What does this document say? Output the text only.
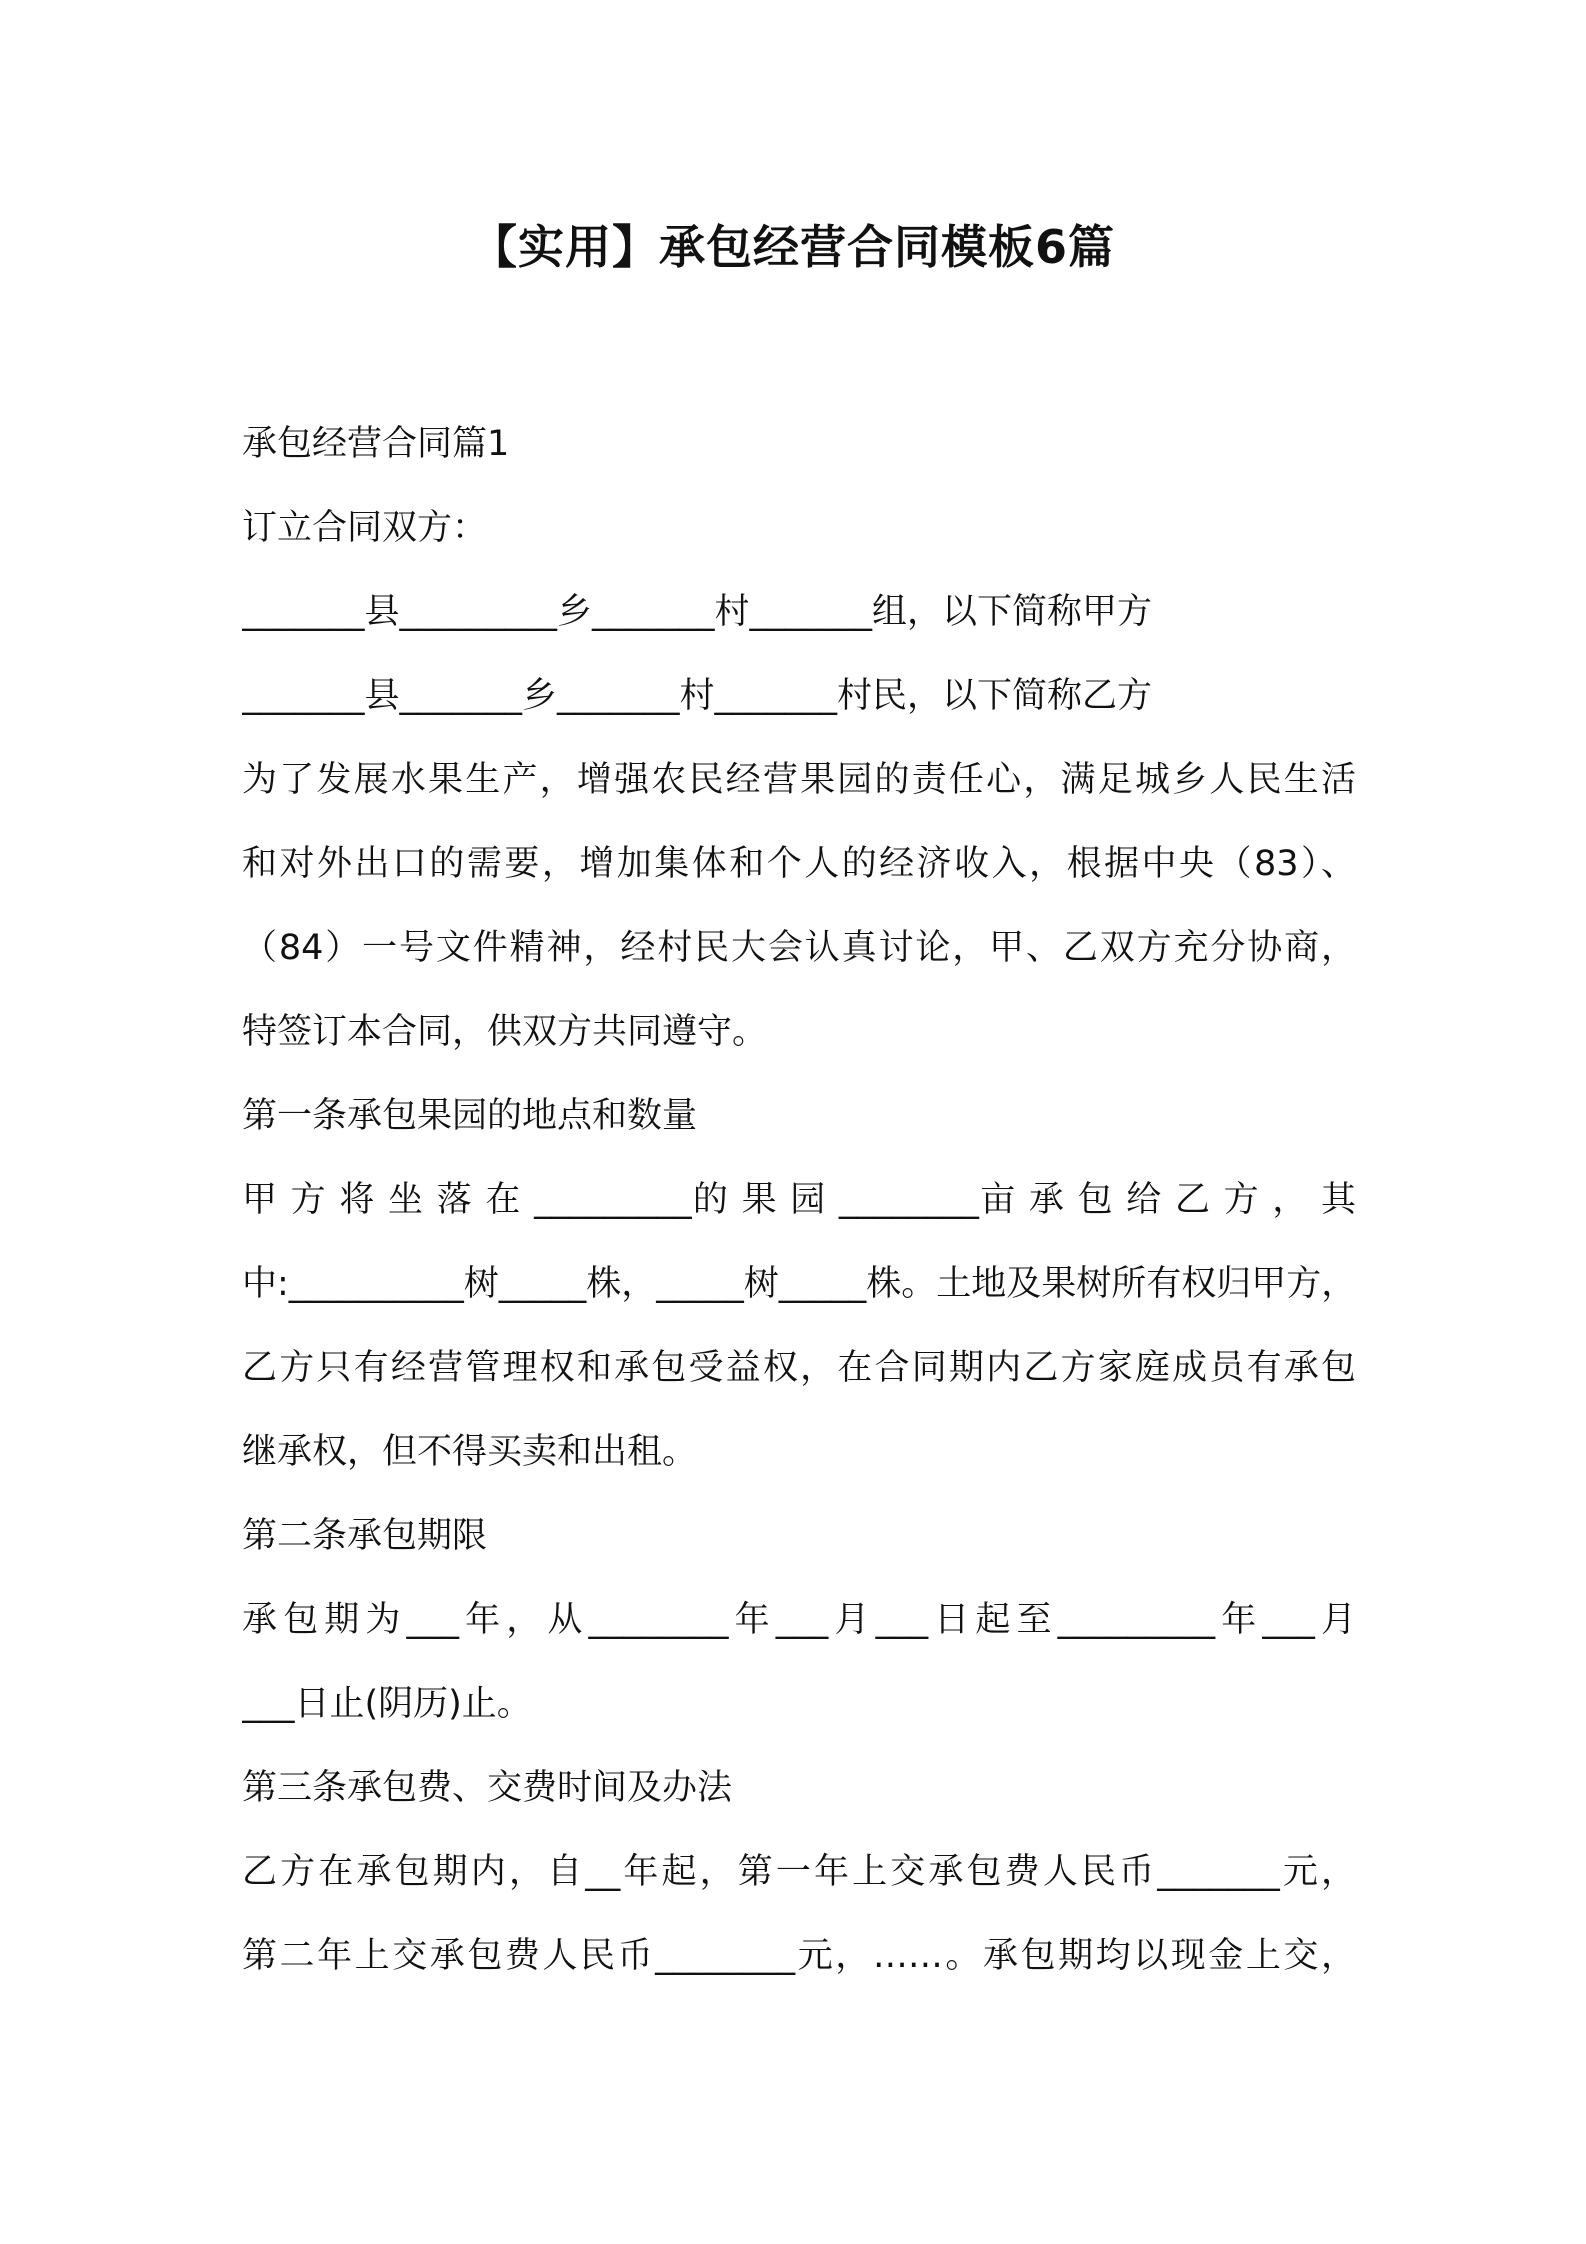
【实用】承包经营合同模板6篇

承包经营合同篇1

订立合同双方：

_______县_________乡_______村_______组，以下简称甲方

_______县_______乡_______村_______村民，以下简称乙方

为了发展水果生产，增强农民经营果园的责任心，满足城乡人民生活

和对外出口的需要，增加集体和个人的经济收入，根据中央（83）、

（84）一号文件精神，经村民大会认真讨论，甲、乙双方充分协商，

特签订本合同，供双方共同遵守。

第一条承包果园的地点和数量

甲 方 将 坐 落 在 _________的 果 园 ________亩 承 包 给 乙 方 ， 其

中:__________树_____株，_____树_____株。土地及果树所有权归甲方，

乙方只有经营管理权和承包受益权，在合同期内乙方家庭成员有承包

继承权，但不得买卖和出租。

第二条承包期限

承包期为___年，从________年___月___日起至_________年___月

___日止(阴历)止。

第三条承包费、交费时间及办法

乙方在承包期内，自__年起，第一年上交承包费人民币_______元，

第二年上交承包费人民币________元，……。承包期均以现金上交，
